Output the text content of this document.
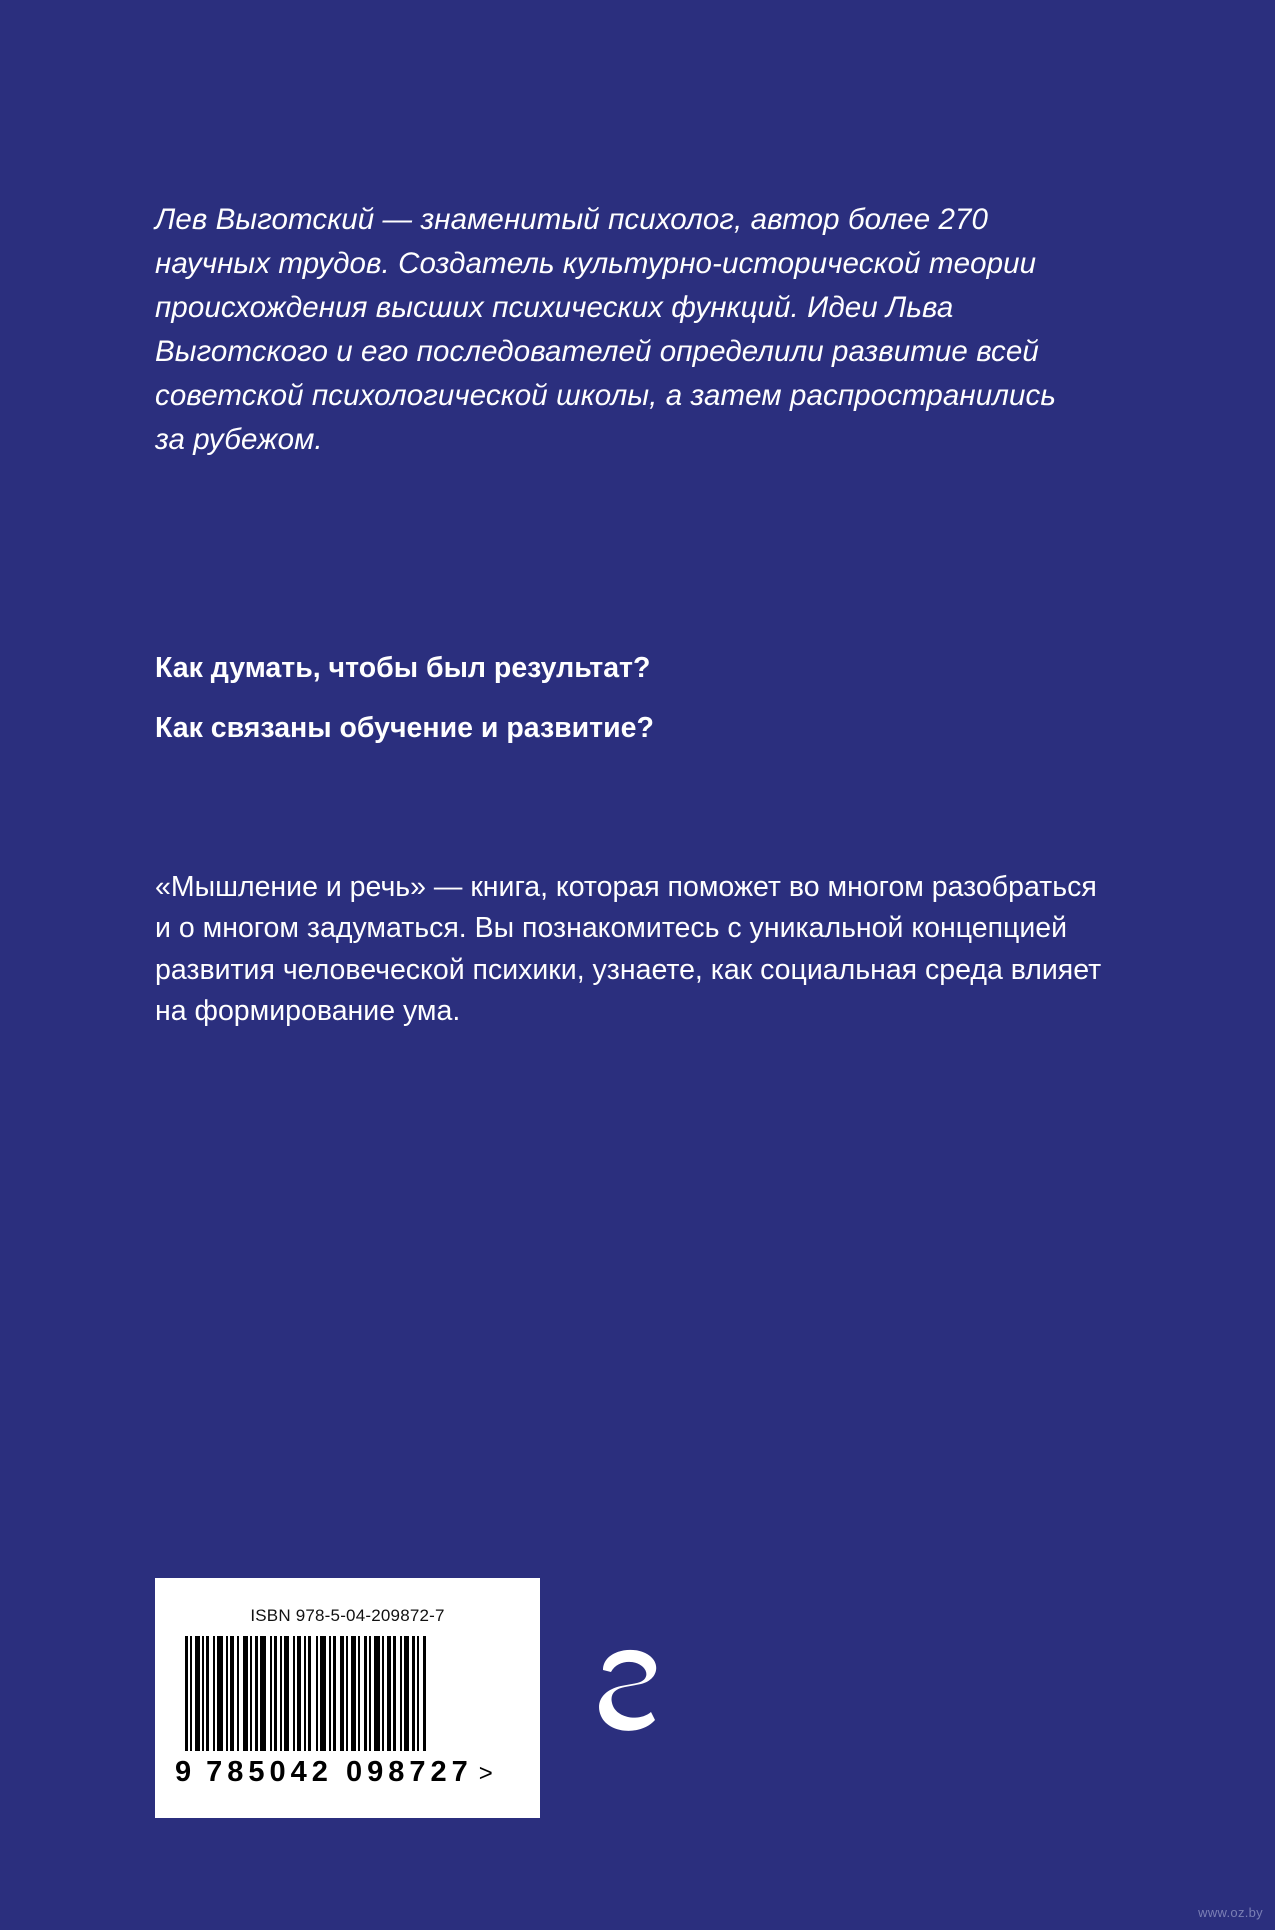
Лев Выготский — знаменитый психолог, автор более 270 научных трудов. Создатель культурно-исторической теории происхождения высших психических функций. Идеи Льва Выготского и его последователей определили развитие всей советской психологической школы, а затем распространились за рубежом.

Как думать, чтобы был результат?
Как связаны обучение и развитие?

«Мышление и речь» — книга, которая поможет во многом разобраться и о многом задуматься. Вы познакомитесь с уникальной концепцией развития человеческой психики, узнаете, как социальная среда влияет на формирование ума.

ISBN 978-5-04-209872-7
9 785042 098727 >
www.oz.by
